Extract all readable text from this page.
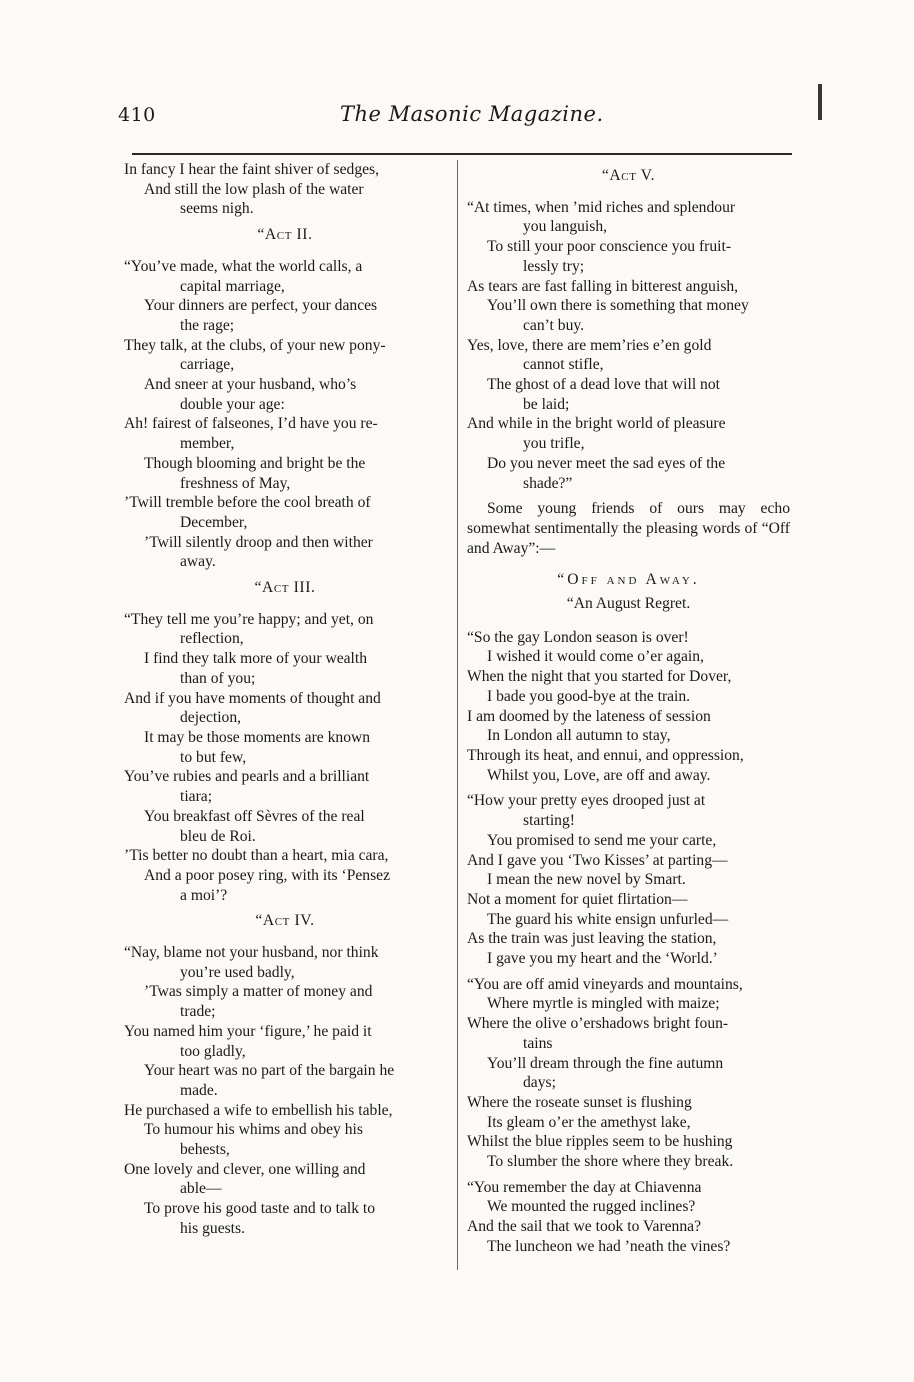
410	The Masonic Magazine.
In fancy I hear the faint shiver of sedges,
And still the low plash of the water
seems nigh.
“Act II.
“You’ve made, what the world calls, a
capital marriage,
Your dinners are perfect, your dances
the rage;
They talk, at the clubs, of your new pony-
carriage,
And sneer at your husband, who’s
double your age:
Ah! fairest of falseones, I’d have you re-
member,
Though blooming and bright be the
freshness of May,
’Twill tremble before the cool breath of
December,
’Twill silently droop and then wither
away.
“Act III.
“They tell me you’re happy; and yet, on
reflection,
I find they talk more of your wealth
than of you;
And if you have moments of thought and
dejection,
It may be those moments are known
to but few,
You’ve rubies and pearls and a brilliant
tiara;
You breakfast off Sèvres of the real
bleu de Roi.
’Tis better no doubt than a heart, mia cara,
And a poor posey ring, with its ‘Pensez
a moi’?
“Act IV.
“Nay, blame not your husband, nor think
you’re used badly,
’Twas simply a matter of money and
trade;
You named him your ‘figure,’ he paid it
too gladly,
Your heart was no part of the bargain he
made.
He purchased a wife to embellish his table,
To humour his whims and obey his
behests,
One lovely and clever, one willing and
able—
To prove his good taste and to talk to
his guests.
“Act V.
“At times, when ’mid riches and splendour
you languish,
To still your poor conscience you fruit-
lessly try;
As tears are fast falling in bitterest anguish,
You’ll own there is something that money
can’t buy.
Yes, love, there are mem’ries e’en gold
cannot stifle,
The ghost of a dead love that will not
be laid;
And while in the bright world of pleasure
you trifle,
Do you never meet the sad eyes of the
shade?”
Some young friends of ours may echo somewhat sentimentally the pleasing words of “Off and Away”:—
“Off and Away.
“An August Regret.
“So the gay London season is over!
I wished it would come o’er again,
When the night that you started for Dover,
I bade you good-bye at the train.
I am doomed by the lateness of session
In London all autumn to stay,
Through its heat, and ennui, and oppression,
Whilst you, Love, are off and away.
“How your pretty eyes drooped just at
starting!
You promised to send me your carte,
And I gave you ‘Two Kisses’ at parting—
I mean the new novel by Smart.
Not a moment for quiet flirtation—
The guard his white ensign unfurled—
As the train was just leaving the station,
I gave you my heart and the ‘World.’
“You are off amid vineyards and mountains,
Where myrtle is mingled with maize;
Where the olive o’ershadows bright foun-
tains
You’ll dream through the fine autumn
days;
Where the roseate sunset is flushing
Its gleam o’er the amethyst lake,
Whilst the blue ripples seem to be hushing
To slumber the shore where they break.
“You remember the day at Chiavenna
We mounted the rugged inclines?
And the sail that we took to Varenna?
The luncheon we had ’neath the vines?
